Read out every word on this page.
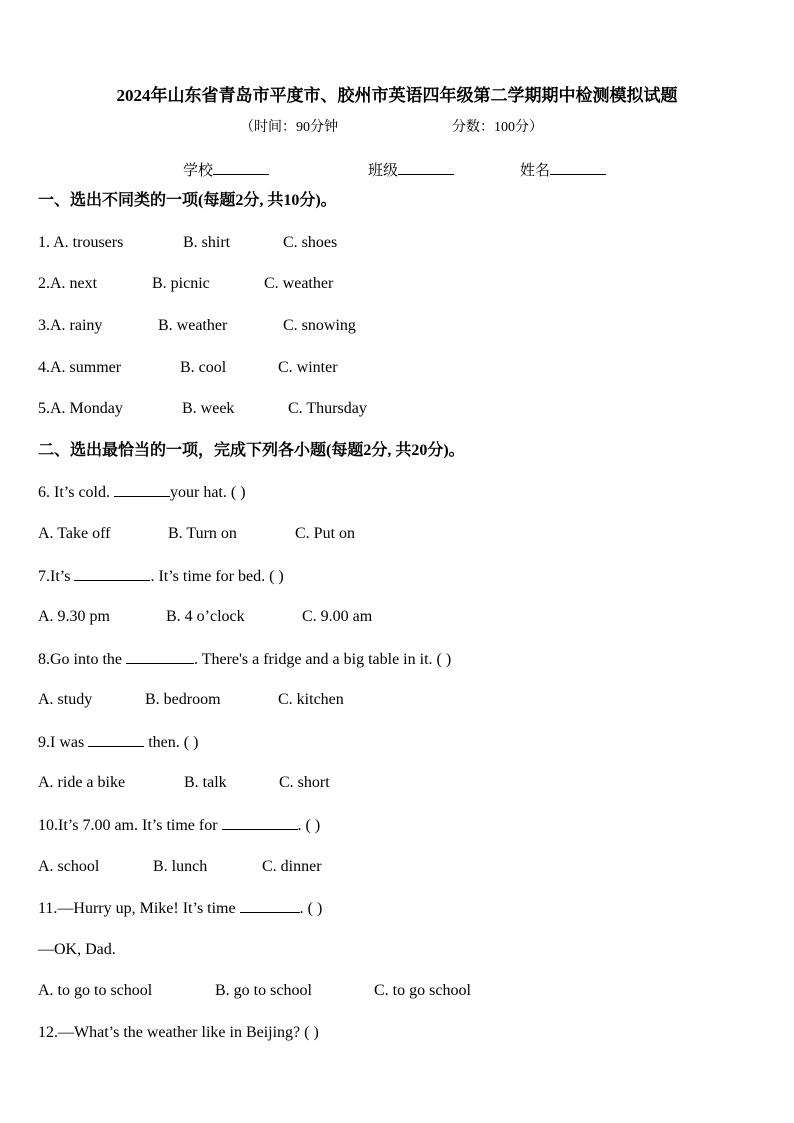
2024年山东省青岛市平度市、胶州市英语四年级第二学期期中检测模拟试题
（时间：90分钟	分数：100分）
学校	班级	姓名
一、选出不同类的一项(每题2分, 共10分)。
1. A. trousers	B. shirt	C. shoes
2.A. next	B. picnic	C. weather
3.A. rainy	B. weather	C. snowing
4.A. summer	B. cool	C. winter
5.A. Monday	B. week	C. Thursday
二、选出最恰当的一项，完成下列各小题(每题2分, 共20分)。
6. It’s cold.	your hat. ( )
A. Take off	B. Turn on	C. Put on
7.It’s	. It’s time for bed. ( )
A. 9.30 pm	B. 4 o’clock	C. 9.00 am
8.Go into the	. There's a fridge and a big table in it. ( )
A. study	B. bedroom	C. kitchen
9.I was	then. ( )
A. ride a bike	B. talk	C. short
10.It’s 7.00 am. It’s time for	. ( )
A. school	B. lunch	C. dinner
11.—Hurry up, Mike! It’s time	. ( )
—OK, Dad.
A. to go to school	B. go to school	C. to go school
12.—What’s the weather like in Beijing? ( )
